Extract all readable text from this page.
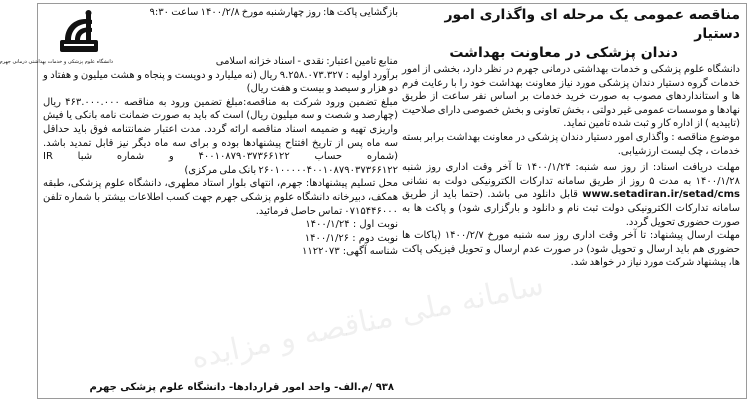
سامانه ملی مناقصه و مزایده
مناقصه عمومی یک مرحله ای واگذاری امور دستیار
دندان پزشکی در معاونت بهداشت

دانشگاه علوم پزشکی و خدمات بهداشتی درمانی جهرم در نظر دارد، بخشی از امور خدمات گروه دستیار دندان پزشکی مورد نیاز معاونت بهداشت خود را با رعایت فرم ها و استانداردهای مصوب به صورت خرید خدمات بر اساس نفر ساعت از طریق نهادها و موسسات عمومی غیر دولتی ، بخش تعاونی و بخش خصوصی دارای صلاحیت (تاییدیه ) از اداره کار و ثبت شده تامین نماید.

موضوع مناقصه : واگذاری امور دستیار دندان پزشکی در معاونت بهداشت برابر بسته خدمات ، چک لیست ارزشیابی.

مهلت دریافت اسناد: از روز سه شنبه: ۱۴۰۰/۱/۲۴ تا آخر وقت اداری روز شنبه ۱۴۰۰/۱/۲۸ به مدت ۵ روز از طریق سامانه تدارکات الکترونیکی دولت به نشانی www.setadiran.ir/setad/cms قابل دانلود می باشد. (حتما باید از طریق سامانه تدارکات الکترونیکی دولت ثبت نام و دانلود و بارگزاری شود) و پاکت ها به صورت حضوری تحویل گردد.

مهلت ارسال پیشنهاد: تا آخر وقت اداری روز سه شنبه مورخ ۱۴۰۰/۲/۷ (پاکات ها حضوری هم باید ارسال و تحویل شود) در صورت عدم ارسال و تحویل فیزیکی پاکت ها، پیشنهاد شرکت مورد نیاز در خواهد شد.

دانشگاه علوم پزشکی و خدمات بهداشتی درمانی جهرم

بازگشایی پاکت ها: روز چهارشنبه مورخ ۱۴۰۰/۲/۸ ساعت ۹:۳۰

منابع تامین اعتبار: نقدی - اسناد خزانه اسلامی

برآورد اولیه : ۹.۲۵۸.۰۷۳.۳۲۷ ریال (نه میلیارد و دویست و پنجاه و هشت میلیون و هفتاد و دو هزار و سیصد و بیست و هفت ریال)

مبلغ تضمین ورود شرکت به مناقصه:مبلغ تضمین ورود به مناقصه ۴۶۳.۰۰۰.۰۰۰ ریال (چهارصد و شصت و سه میلیون ریال) است که باید به صورت ضمانت نامه بانکی یا فیش واریزی تهیه و ضمیمه اسناد مناقصه ارائه گردد. مدت اعتبار ضمانتنامه فوق باید حداقل سه ماه پس از تاریخ افتتاح پیشنهادها بوده و برای سه ماه دیگر نیز قابل تمدید باشد. (شماره حساب ۴۰۰۱۰۸۷۹۰۳۷۳۶۶۱۲۲ و شماره شبا IR ۲۶۰۱۰۰۰۰۰۴۰۰۱۰۸۷۹۰۳۷۳۶۶۱۲۲ بانک ملی مرکزی)

محل تسلیم پیشنهادها: جهرم، انتهای بلوار استاد مطهری، دانشگاه علوم پزشکی، طبقه همکف، دبیرخانه دانشگاه علوم پزشکی جهرم جهت کسب اطلاعات بیشتر با شماره تلفن ۰۷۱۵۴۴۶۰۰۰ تماس حاصل فرمائید.

نوبت اول : ۱۴۰۰/۱/۲۴

نوبت دوم : ۱۴۰۰/۱/۲۶

شناسه آگهی: ۱۱۲۲۰۷۳

۹۳۸ /م.الف- واحد امور قراردادها- دانشگاه علوم پزشکی جهرم
